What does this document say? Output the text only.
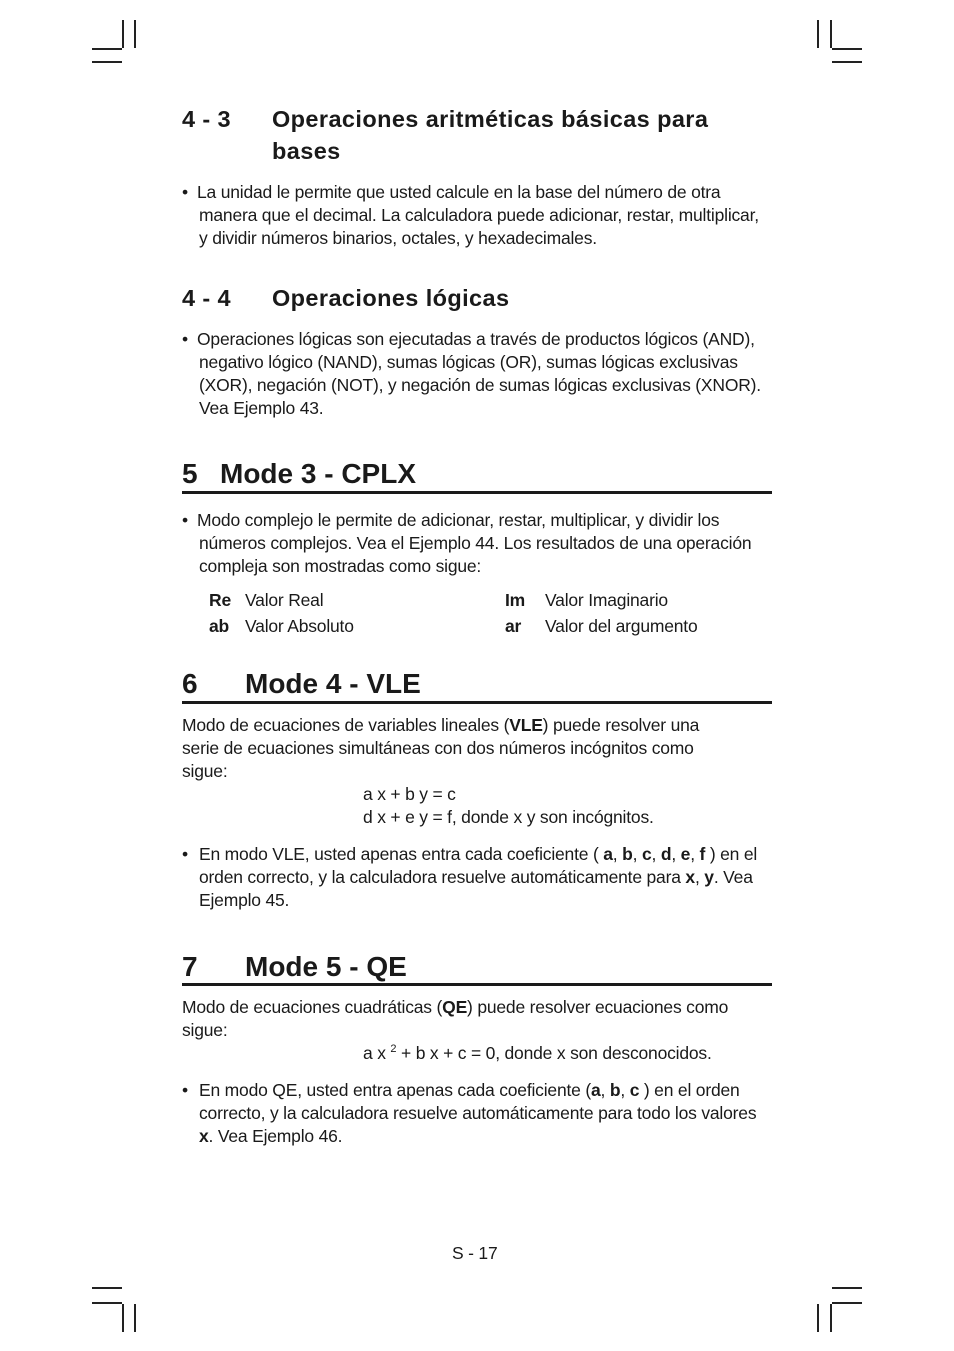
4 - 3 Operaciones aritméticas básicas para
bases
• La unidad le permite que usted calcule en la base del número de otra
manera que el decimal. La calculadora puede adicionar, restar, multiplicar,
y dividir números binarios, octales, y hexadecimales.
4 - 4 Operaciones lógicas
• Operaciones lógicas son ejecutadas a través de productos lógicos (AND),
negativo lógico (NAND), sumas lógicas (OR), sumas lógicas exclusivas
(XOR), negación (NOT), y negación de sumas lógicas exclusivas (XNOR).
Vea Ejemplo 43.
5 Mode 3 - CPLX
• Modo complejo le permite de adicionar, restar, multiplicar, y dividir los
números complejos. Vea el Ejemplo 44. Los resultados de una operación
compleja son mostradas como sigue:
Re Valor Real	Im Valor Imaginario
ab Valor Absoluto	ar Valor del argumento
6 Mode 4 - VLE
Modo de ecuaciones de variables lineales (VLE) puede resolver una
serie de ecuaciones simultáneas con dos números incógnitos como
sigue:
a x + b y = c
d x + e y = f, donde x y son incógnitos.
• En modo VLE, usted apenas entra cada coeficiente ( a, b, c, d, e, f ) en el
orden correcto, y la calculadora resuelve automáticamente para x, y. Vea
Ejemplo 45.
7 Mode 5 - QE
Modo de ecuaciones cuadráticas (QE) puede resolver ecuaciones como
sigue:
a x $^2$ + b x + c = 0, donde x son desconocidos.
• En modo QE, usted entra apenas cada coeficiente (a, b, c ) en el orden
correcto, y la calculadora resuelve automáticamente para todo los valores
x. Vea Ejemplo 46.
S - 17
